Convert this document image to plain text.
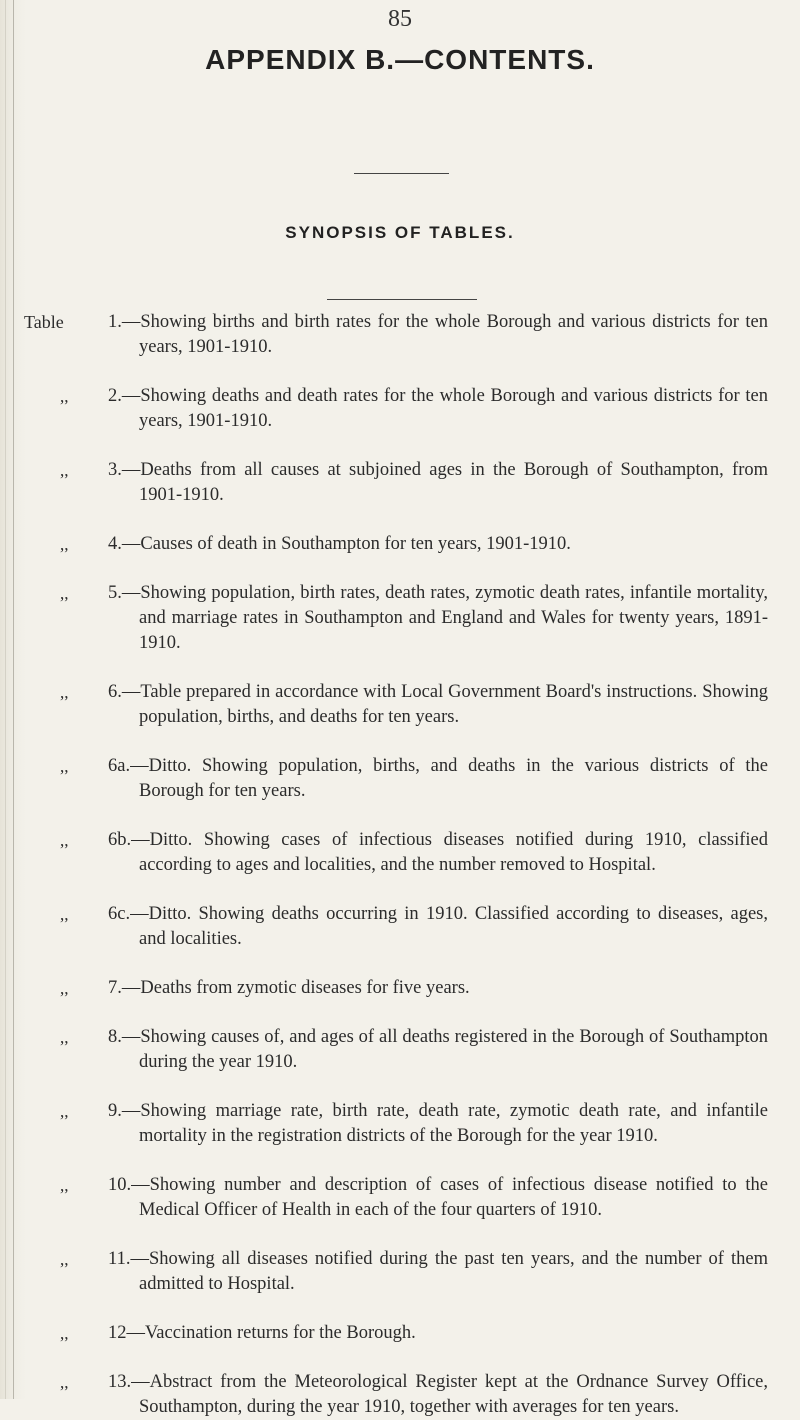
85
APPENDIX B.—CONTENTS.
SYNOPSIS OF TABLES.
Table	1.—Showing births and birth rates for the whole Borough and various districts for ten years, 1901-1910.
,,	2.—Showing deaths and death rates for the whole Borough and various districts for ten years, 1901-1910.
,,	3.—Deaths from all causes at subjoined ages in the Borough of Southampton, from 1901-1910.
,,	4.—Causes of death in Southampton for ten years, 1901-1910.
,,	5.—Showing population, birth rates, death rates, zymotic death rates, infantile mortality, and marriage rates in Southampton and England and Wales for twenty years, 1891-1910.
,,	6.—Table prepared in accordance with Local Government Board's instructions. Showing population, births, and deaths for ten years.
,,	6a.—Ditto. Showing population, births, and deaths in the various districts of the Borough for ten years.
,,	6b.—Ditto. Showing cases of infectious diseases notified during 1910, classified according to ages and localities, and the number removed to Hospital.
,,	6c.—Ditto. Showing deaths occurring in 1910. Classified according to diseases, ages, and localities.
,,	7.—Deaths from zymotic diseases for five years.
,,	8.—Showing causes of, and ages of all deaths registered in the Borough of Southampton during the year 1910.
,,	9.—Showing marriage rate, birth rate, death rate, zymotic death rate, and infantile mortality in the registration districts of the Borough for the year 1910.
,,	10.—Showing number and description of cases of infectious disease notified to the Medical Officer of Health in each of the four quarters of 1910.
,,	11.—Showing all diseases notified during the past ten years, and the number of them admitted to Hospital.
,,	12—Vaccination returns for the Borough.
,,	13.—Abstract from the Meteorological Register kept at the Ordnance Survey Office, Southampton, during the year 1910, together with averages for ten years.
